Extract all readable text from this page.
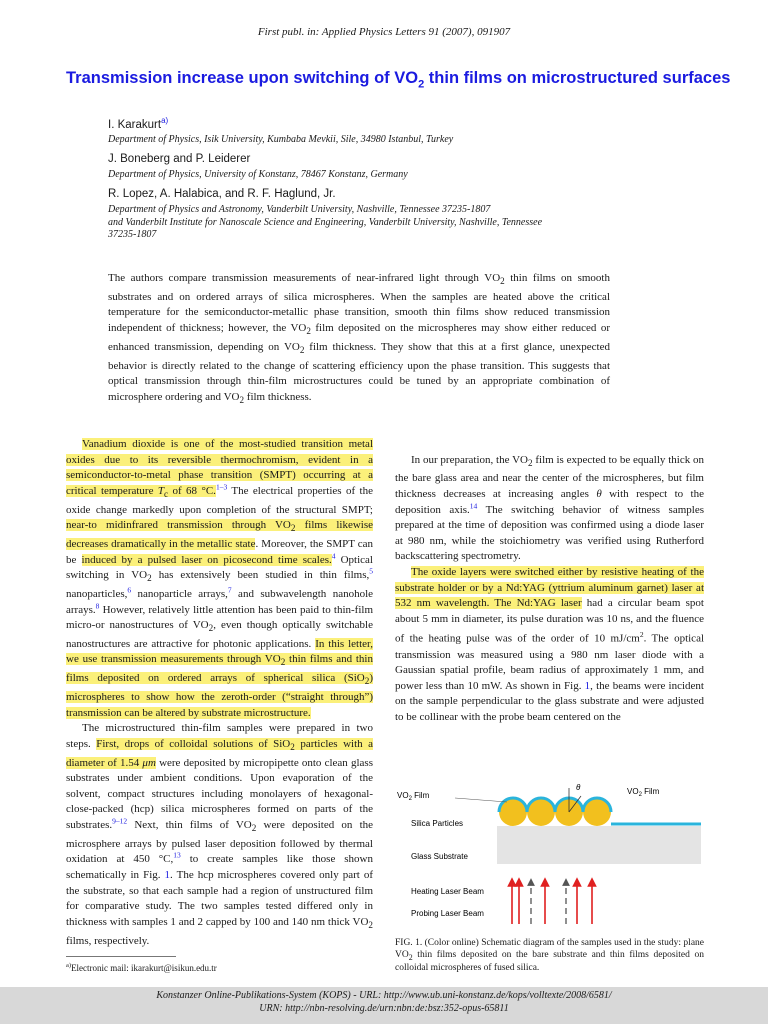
First publ. in: Applied Physics Letters 91 (2007), 091907
Transmission increase upon switching of $VO_2$ thin films on microstructured surfaces
I. Karakurt$^{a)}$
Department of Physics, Isik University, Kumbaba Mevkii, Sile, 34980 Istanbul, Turkey
J. Boneberg and P. Leiderer
Department of Physics, University of Konstanz, 78467 Konstanz, Germany
R. Lopez, A. Halabica, and R. F. Haglund, Jr.
Department of Physics and Astronomy, Vanderbilt University, Nashville, Tennessee 37235-1807
and Vanderbilt Institute for Nanoscale Science and Engineering, Vanderbilt University, Nashville, Tennessee
37235-1807
The authors compare transmission measurements of near-infrared light through $VO_2$ thin films on smooth substrates and on ordered arrays of silica microspheres. When the samples are heated above the critical temperature for the semiconductor-metallic phase transition, smooth thin films show reduced transmission independent of thickness; however, the $VO_2$ film deposited on the microspheres may show either reduced or enhanced transmission, depending on $VO_2$ film thickness. They show that this at a first glance, unexpected behavior is directly related to the change of scattering efficiency upon the phase transition. This suggests that optical transmission through thin-film microstructures could be tuned by an appropriate combination of microsphere ordering and $VO_2$ film thickness.

Vanadium dioxide is one of the most-studied transition metal oxides due to its reversible thermochromism, evident in a semiconductor-to-metal phase transition (SMPT) occurring at a critical temperature $T_c$ of 68 °C.$^{1-3}$ The electrical properties of the oxide change markedly upon completion of the structural SMPT; near-to midinfrared transmission through $VO_2$ films likewise decreases dramatically in the metallic state. Moreover, the SMPT can be induced by a pulsed laser on picosecond time scales.$^4$ Optical switching in $VO_2$ has extensively been studied in thin films,$^5$ nanoparticles,$^6$ nanoparticle arrays,$^7$ and subwavelength nanohole arrays.$^8$ However, relatively little attention has been paid to thin-film micro-or nanostructures of $VO_2$, even though optically switchable nanostructures are attractive for photonic applications. In this letter, we use transmission measurements through $VO_2$ thin films and thin films deposited on ordered arrays of spherical silica (SiO$_2$) microspheres to show how the zeroth-order (“straight through”) transmission can be altered by substrate microstructure.

The microstructured thin-film samples were prepared in two steps. First, drops of colloidal solutions of SiO$_2$ particles with a diameter of 1.54 μm were deposited by micropipette onto clean glass substrates under ambient conditions. Upon evaporation of the solvent, compact structures including monolayers of hexagonal-close-packed (hcp) silica microspheres formed on parts of the substrates.$^{9-12}$ Next, thin films of $VO_2$ were deposited on the microsphere arrays by pulsed laser deposition followed by thermal oxidation at 450 °C,$^{13}$ to create samples like those shown schematically in Fig. 1. The hcp microspheres covered only part of the substrate, so that each sample had a region of unstructured film for comparative study. The two samples tested differed only in thickness with samples 1 and 2 capped by 100 and 140 nm thick $VO_2$ films, respectively.

In our preparation, the $VO_2$ film is expected to be equally thick on the bare glass area and near the center of the microspheres, but film thickness decreases at increasing angles θ with respect to the deposition axis.$^{14}$ The switching behavior of witness samples prepared at the time of deposition was confirmed using a diode laser at 980 nm, while the stoichiometry was verified using Rutherford backscattering spectrometry.

The oxide layers were switched either by resistive heating of the substrate holder or by a Nd:YAG (yttrium aluminum garnet) laser at 532 nm wavelength. The Nd:YAG laser had a circular beam spot about 5 mm in diameter, its pulse duration was 10 ns, and the fluence of the heating pulse was of the order of 10 $mJ/cm^2$. The optical transmission was measured using a 980 nm laser diode with a Gaussian spatial profile, beam radius of approximately 1 mm, and power less than 10 mW. As shown in Fig. 1, the beams were incident on the sample perpendicular to the glass substrate and were adjusted to be collinear with the probe beam centered on the

θ
$VO_2$ Film	$VO_2$ Film
Silica Particles
Glass Substrate
Heating Laser Beam
Probing Laser Beam
FIG. 1. (Color online) Schematic diagram of the samples used in the study: plane $VO_2$ thin films deposited on the bare substrate and thin films deposited on colloidal microspheres of fused silica.
$^{a)}$Electronic mail: ikarakurt@isikun.edu.tr
Konstanzer Online-Publikations-System (KOPS) - URL: http://www.ub.uni-konstanz.de/kops/volltexte/2008/6581/
URN: http://nbn-resolving.de/urn:nbn:de:bsz:352-opus-65811
